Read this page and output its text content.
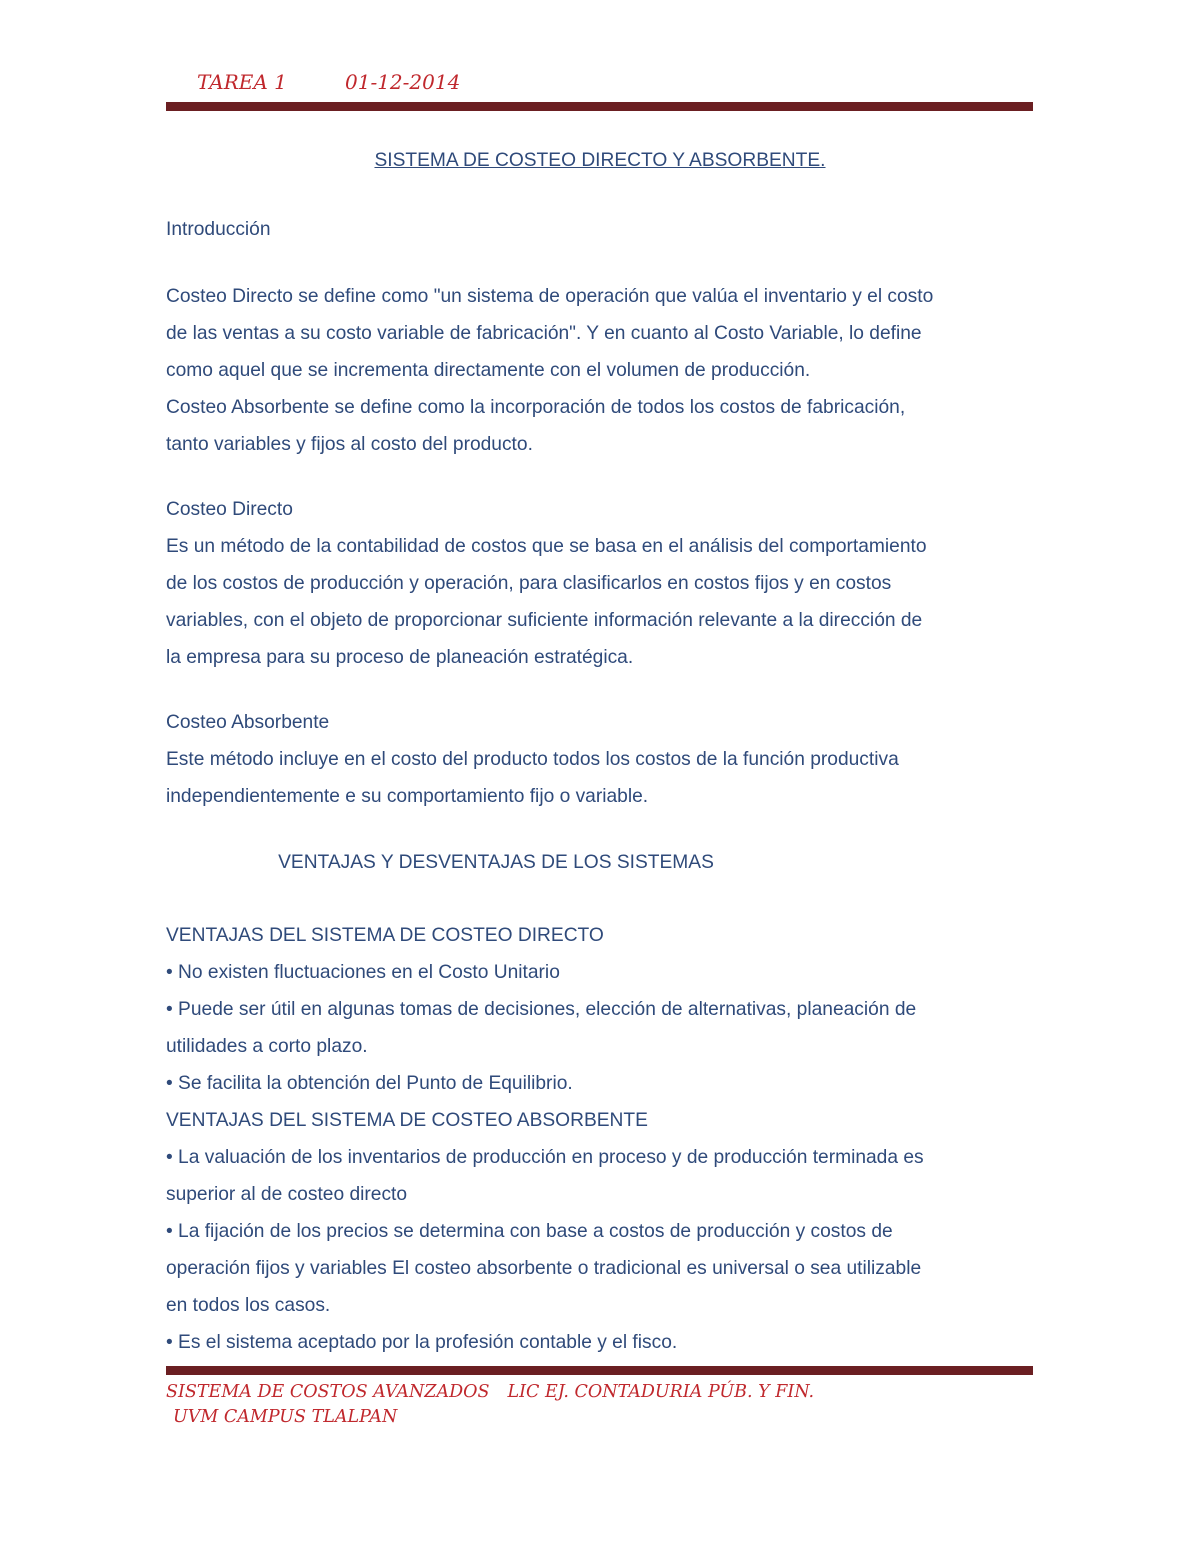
TAREA 1	01-12-2014
SISTEMA DE COSTEO DIRECTO Y ABSORBENTE.

Introducción

Costeo Directo se define como "un sistema de operación que valúa el inventario y el costo

de las ventas a su costo variable de fabricación". Y en cuanto al Costo Variable, lo define

como aquel que se incrementa directamente con el volumen de producción.

Costeo Absorbente se define como la incorporación de todos los costos de fabricación,

tanto variables y fijos al costo del producto.

Costeo Directo

Es un método de la contabilidad de costos que se basa en el análisis del comportamiento

de los costos de producción y operación, para clasificarlos en costos fijos y en costos

variables, con el objeto de proporcionar suficiente información relevante a la dirección de

la empresa para su proceso de planeación estratégica.

Costeo Absorbente

Este método incluye en el costo del producto todos los costos de la función productiva

independientemente e su comportamiento fijo o variable.

VENTAJAS Y DESVENTAJAS DE LOS SISTEMAS

VENTAJAS DEL SISTEMA DE COSTEO DIRECTO

• No existen fluctuaciones en el Costo Unitario

• Puede ser útil en algunas tomas de decisiones, elección de alternativas, planeación de

utilidades a corto plazo.

• Se facilita la obtención del Punto de Equilibrio.

VENTAJAS DEL SISTEMA DE COSTEO ABSORBENTE

• La valuación de los inventarios de producción en proceso y de producción terminada es

superior al de costeo directo

• La fijación de los precios se determina con base a costos de producción y costos de

operación fijos y variables El costeo absorbente o tradicional es universal o sea utilizable

en todos los casos.

• Es el sistema aceptado por la profesión contable y el fisco.

SISTEMA DE COSTOS AVANZADOS LIC EJ. CONTADURIA PÚB. Y FIN.
UVM CAMPUS TLALPAN
